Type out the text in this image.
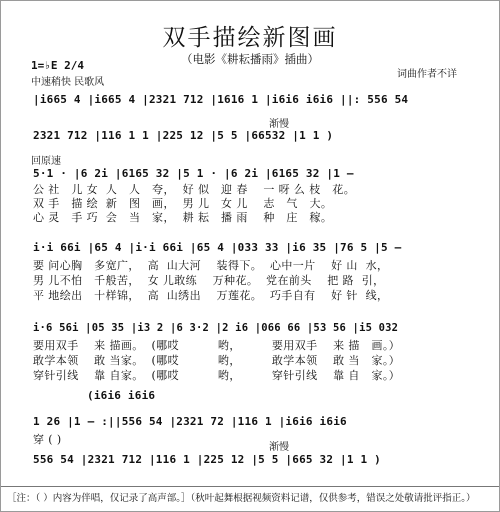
双手描绘新图画
（电影《耕耘播雨》插曲）
词曲作者不详
1=♭E 2/4
中速稍快 民歌风
|i665 4 |i665 4 |2321 712 |1616 1 |i6i6 i6i6 ||: 556 54
渐慢
2321 712 |116 1 1 |225 12 |5 5 |66532 |1 1 )
回原速
5·1 · |6 2i |6165 32 |5 1 · |6 2i |6165 32 |1 —
公 社   儿 女  人   人   夸，  好 似   迎 春    一 呀 么 枝   花。
双 手   描 绘  新   图   画，  男 儿   女 儿    志   气   大。
心 灵   手 巧  会   当   家，  耕 耘   播 雨    种   庄   稼。
i·i 66i |65 4 |i·i 66i |65 4 |033 33 |i6 35 |76 5 |5 —
要 问心胸   多宽广，  高  山大河    装得下。  心中一片    好 山  水，
男 儿不怕   千般苦，  女 儿敢练    万种花。  党在前头    把 路  引，
平 地绘出   十样锦，  高  山绣出    万莲花。  巧手自有    好 针  线，
i·6 56i |05 35 |i3 2 |6 3·2 |2 i6 |066 66 |53 56 |i5 032
要用双手    来 描画。  (哪哎          哟，        要用双手    来 描   画。）
敢学本领    敢 当家。  (哪哎          哟，        敢学本领    敢 当   家。）
穿针引线    靠 自家。  (哪哎          哟，        穿针引线    靠 自   家。）
(i6i6 i6i6
1 26 |1 — :||556 54 |2321 72 |116 1 |i6i6 i6i6
穿 ( )
渐慢
556 54 |2321 712 |116 1 |225 12 |5 5 |665 32 |1 1 )
［注：（ ）内容为伴唱，仅记录了高声部。］（秋叶起舞根据视频资料记谱，仅供参考，错误之处敬请批评指正。）
